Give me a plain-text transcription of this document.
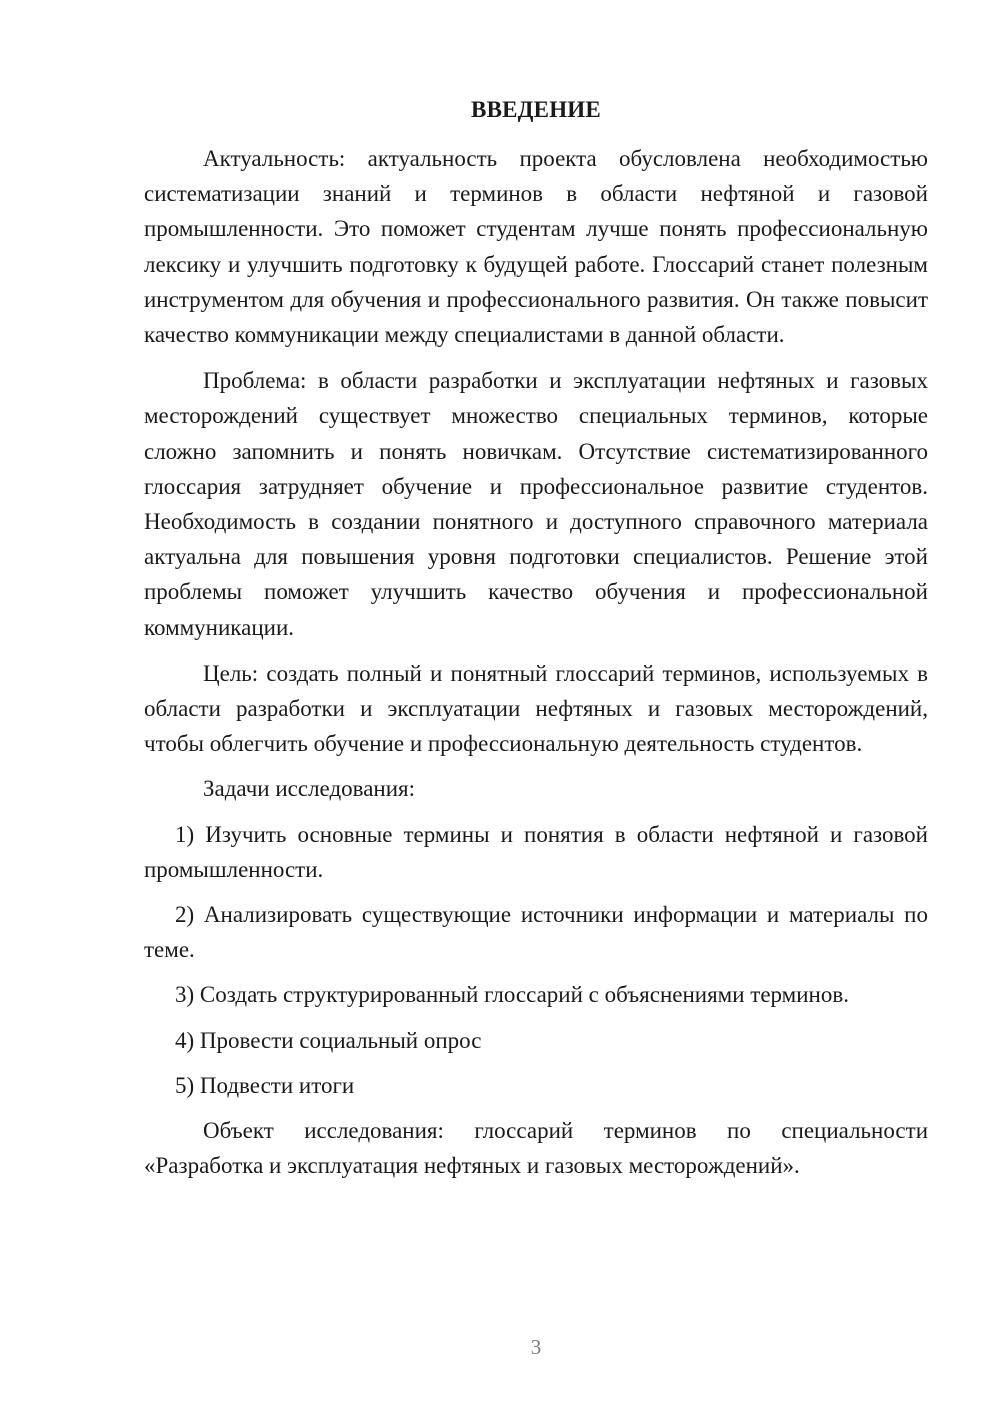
ВВЕДЕНИЕ

Актуальность: актуальность проекта обусловлена необходимостью систематизации знаний и терминов в области нефтяной и газовой промышленности. Это поможет студентам лучше понять профессиональную лексику и улучшить подготовку к будущей работе. Глоссарий станет полезным инструментом для обучения и профессионального развития. Он также повысит качество коммуникации между специалистами в данной области.

Проблема: в области разработки и эксплуатации нефтяных и газовых месторождений существует множество специальных терминов, которые сложно запомнить и понять новичкам. Отсутствие систематизированного глоссария затрудняет обучение и профессиональное развитие студентов. Необходимость в создании понятного и доступного справочного материала актуальна для повышения уровня подготовки специалистов. Решение этой проблемы поможет улучшить качество обучения и профессиональной коммуникации.

Цель: создать полный и понятный глоссарий терминов, используемых в области разработки и эксплуатации нефтяных и газовых месторождений, чтобы облегчить обучение и профессиональную деятельность студентов.

Задачи исследования:

1) Изучить основные термины и понятия в области нефтяной и газовой промышленности.

2) Анализировать существующие источники информации и материалы по теме.

3) Создать структурированный глоссарий с объяснениями терминов.

4) Провести социальный опрос

5) Подвести итоги

Объект исследования: глоссарий терминов по специальности «Разработка и эксплуатация нефтяных и газовых месторождений».

3
